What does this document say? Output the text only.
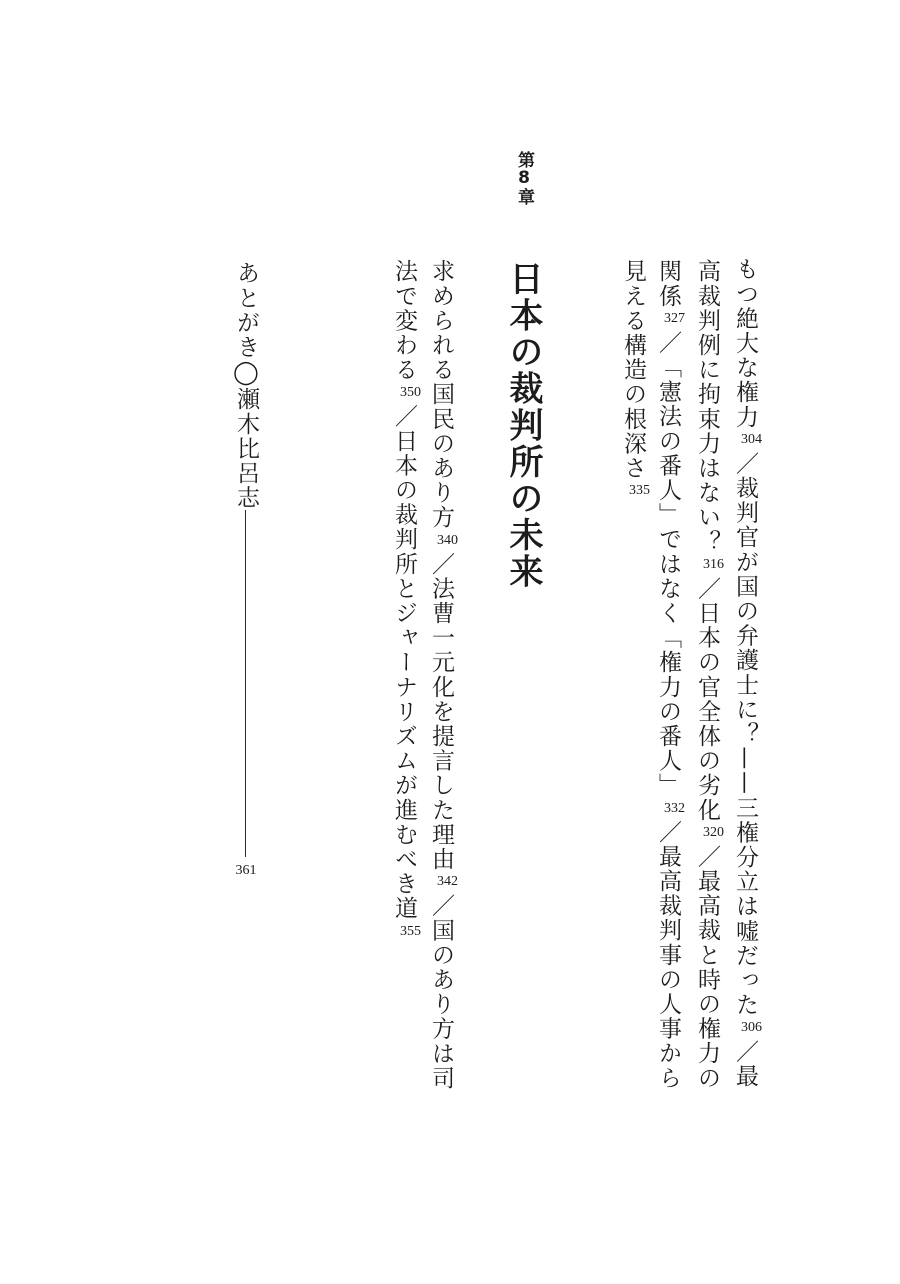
もつ絶大な権力304／裁判官が国の弁護士に？——三権分立は嘘だった306／最
高裁判例に拘束力はない？316／日本の官全体の劣化320／最高裁と時の権力の
関係327／「憲法の番人」ではなく「権力の番人」332／最高裁判事の人事から
見える構造の根深さ335
第8章
日本の裁判所の未来
求められる国民のあり方340／法曹一元化を提言した理由342／国のあり方は司
法で変わる350／日本の裁判所とジャーナリズムが進むべき道355
あとがき◯瀬木比呂志
361
